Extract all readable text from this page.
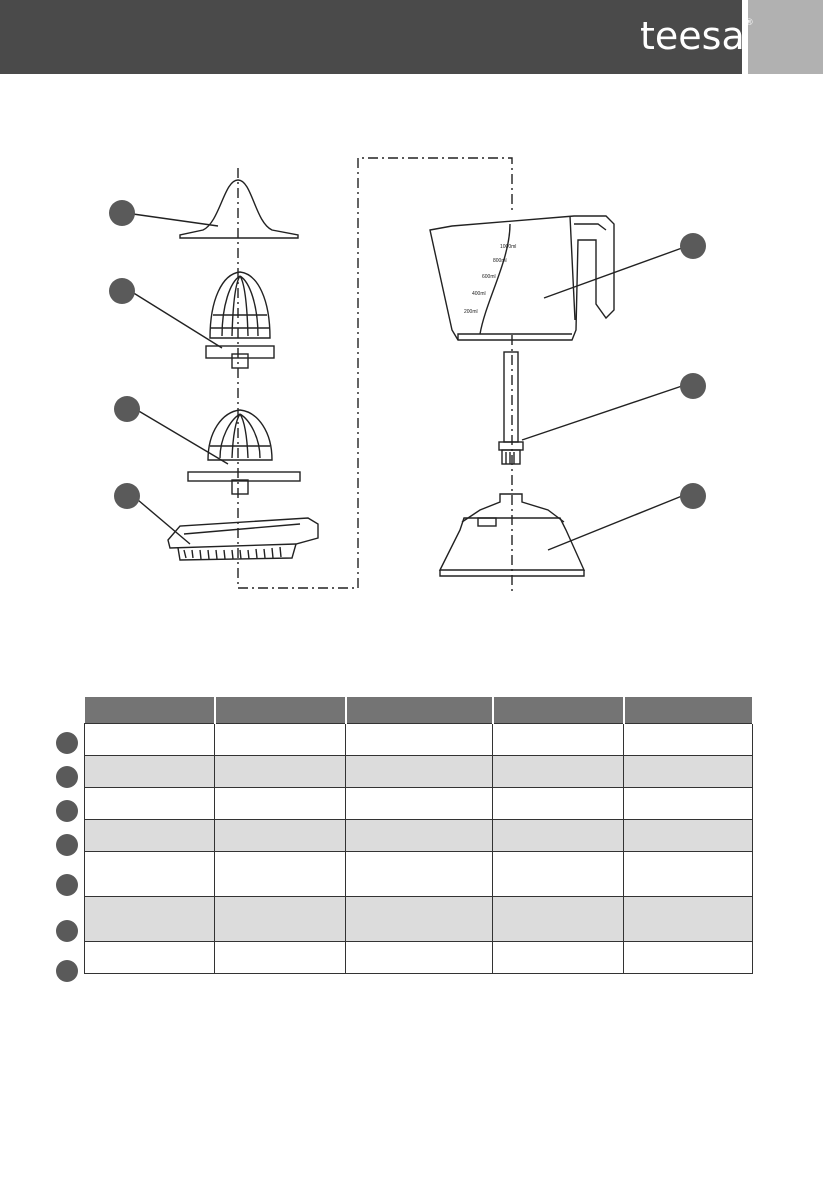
teesa®
1000ml
800ml
600ml
400ml
200ml
